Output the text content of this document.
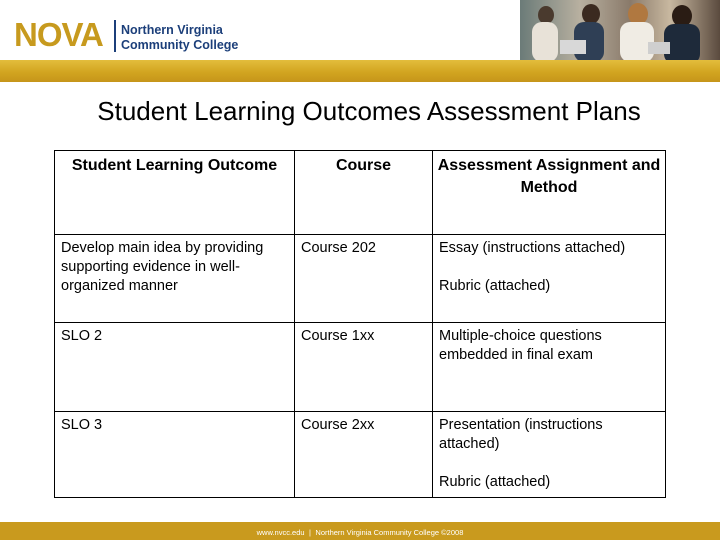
NOVA Northern Virginia
Community College
Student Learning Outcomes Assessment Plans
Student Learning Outcome	Course	Assessment Assignment and Method
Develop main idea by providing supporting evidence in well-organized manner	Course 202	Essay (instructions attached)
Rubric (attached)

SLO 2	Course 1xx	Multiple-choice questions embedded in final exam

SLO 3	Course 2xx	Presentation (instructions attached)
Rubric (attached)
www.nvcc.edu | Northern Virginia Community College ©2008
